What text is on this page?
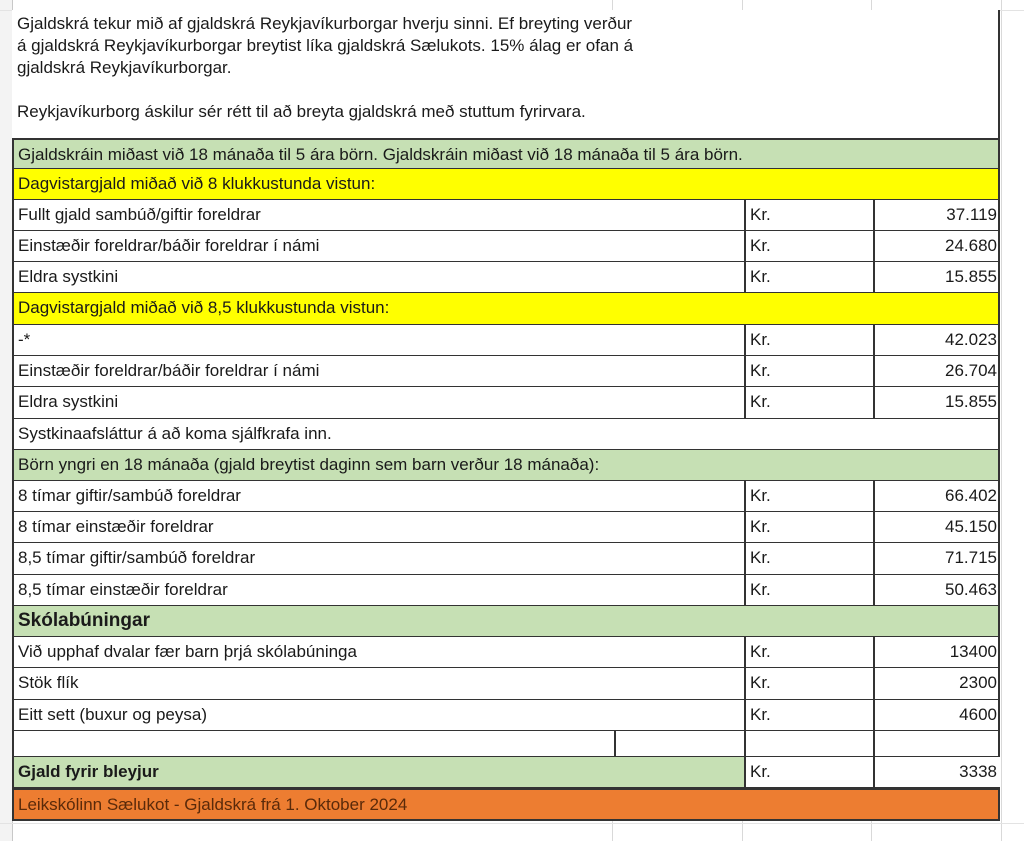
Gjaldskrá tekur mið af gjaldskrá Reykjavíkurborgar hverju sinni. Ef breyting verður

á gjaldskrá Reykjavíkurborgar breytist líka gjaldskrá Sælukots. 15% álag er ofan á

gjaldskrá Reykjavíkurborgar.

Reykjavíkurborg áskilur sér rétt til að breyta gjaldskrá með stuttum fyrirvara.

Gjaldskráin miðast við 18 mánaða til 5 ára börn. Gjaldskráin miðast við 18 mánaða til 5 ára börn.
Dagvistargjald miðað við 8 klukkustunda vistun:
Fullt gjald sambúð/giftir foreldrar	Kr.	37.119
Einstæðir foreldrar/báðir foreldrar í námi	Kr.	24.680
Eldra systkini	Kr.	15.855
Dagvistargjald miðað við 8,5 klukkustunda vistun:
-*	Kr.	42.023
Einstæðir foreldrar/báðir foreldrar í námi	Kr.	26.704
Eldra systkini	Kr.	15.855
Systkinaafsláttur á að koma sjálfkrafa inn.
Börn yngri en 18 mánaða (gjald breytist daginn sem barn verður 18 mánaða):
8 tímar giftir/sambúð foreldrar	Kr.	66.402
8 tímar einstæðir foreldrar	Kr.	45.150
8,5 tímar giftir/sambúð foreldrar	Kr.	71.715
8,5 tímar einstæðir foreldrar	Kr.	50.463
Skólabúningar
Við upphaf dvalar fær barn þrjá skólabúninga	Kr.	13400
Stök flík	Kr.	2300
Eitt sett (buxur og peysa)	Kr.	4600
Gjald fyrir bleyjur	Kr.	3338
Leikskólinn Sælukot - Gjaldskrá frá 1. Oktober 2024
